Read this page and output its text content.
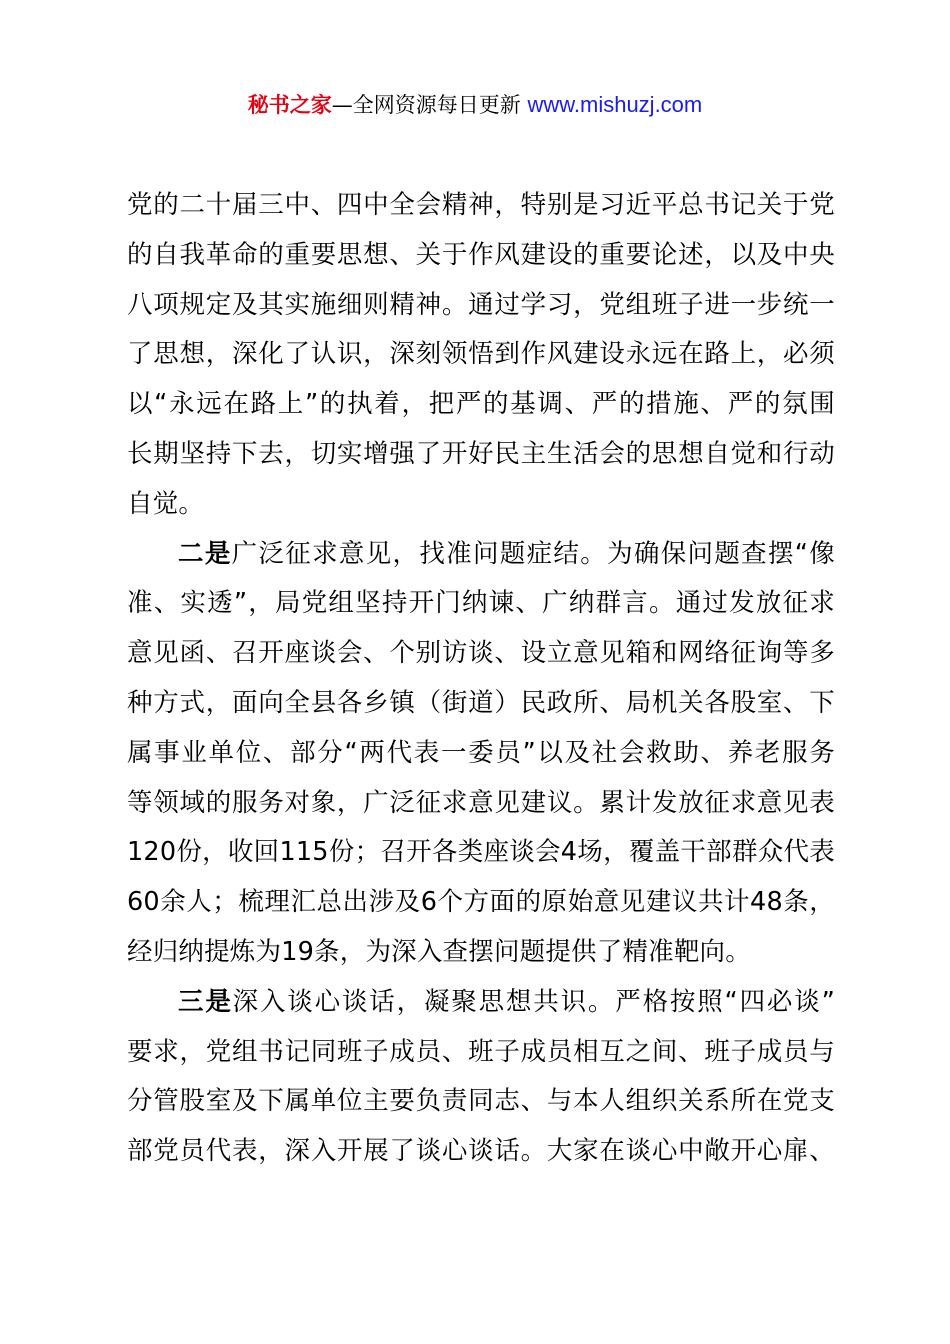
秘书之家—全网资源每日更新 www.mishuzj.com
党的二十届三中、四中全会精神，特别是习近平总书记关于党
的自我革命的重要思想、关于作风建设的重要论述，以及中央
八项规定及其实施细则精神。通过学习，党组班子进一步统一
了思想，深化了认识，深刻领悟到作风建设永远在路上，必须
以“永远在路上”的执着，把严的基调、严的措施、严的氛围
长期坚持下去，切实增强了开好民主生活会的思想自觉和行动
自觉。
二是广泛征求意见，找准问题症结。为确保问题查摆“像
准、实透”，局党组坚持开门纳谏、广纳群言。通过发放征求
意见函、召开座谈会、个别访谈、设立意见箱和网络征询等多
种方式，面向全县各乡镇（街道）民政所、局机关各股室、下
属事业单位、部分“两代表一委员”以及社会救助、养老服务
等领域的服务对象，广泛征求意见建议。累计发放征求意见表
120份，收回115份；召开各类座谈会4场，覆盖干部群众代表
60余人；梳理汇总出涉及6个方面的原始意见建议共计48条，
经归纳提炼为19条，为深入查摆问题提供了精准靶向。
三是深入谈心谈话，凝聚思想共识。严格按照“四必谈”
要求，党组书记同班子成员、班子成员相互之间、班子成员与
分管股室及下属单位主要负责同志、与本人组织关系所在党支
部党员代表，深入开展了谈心谈话。大家在谈心中敞开心扉、
